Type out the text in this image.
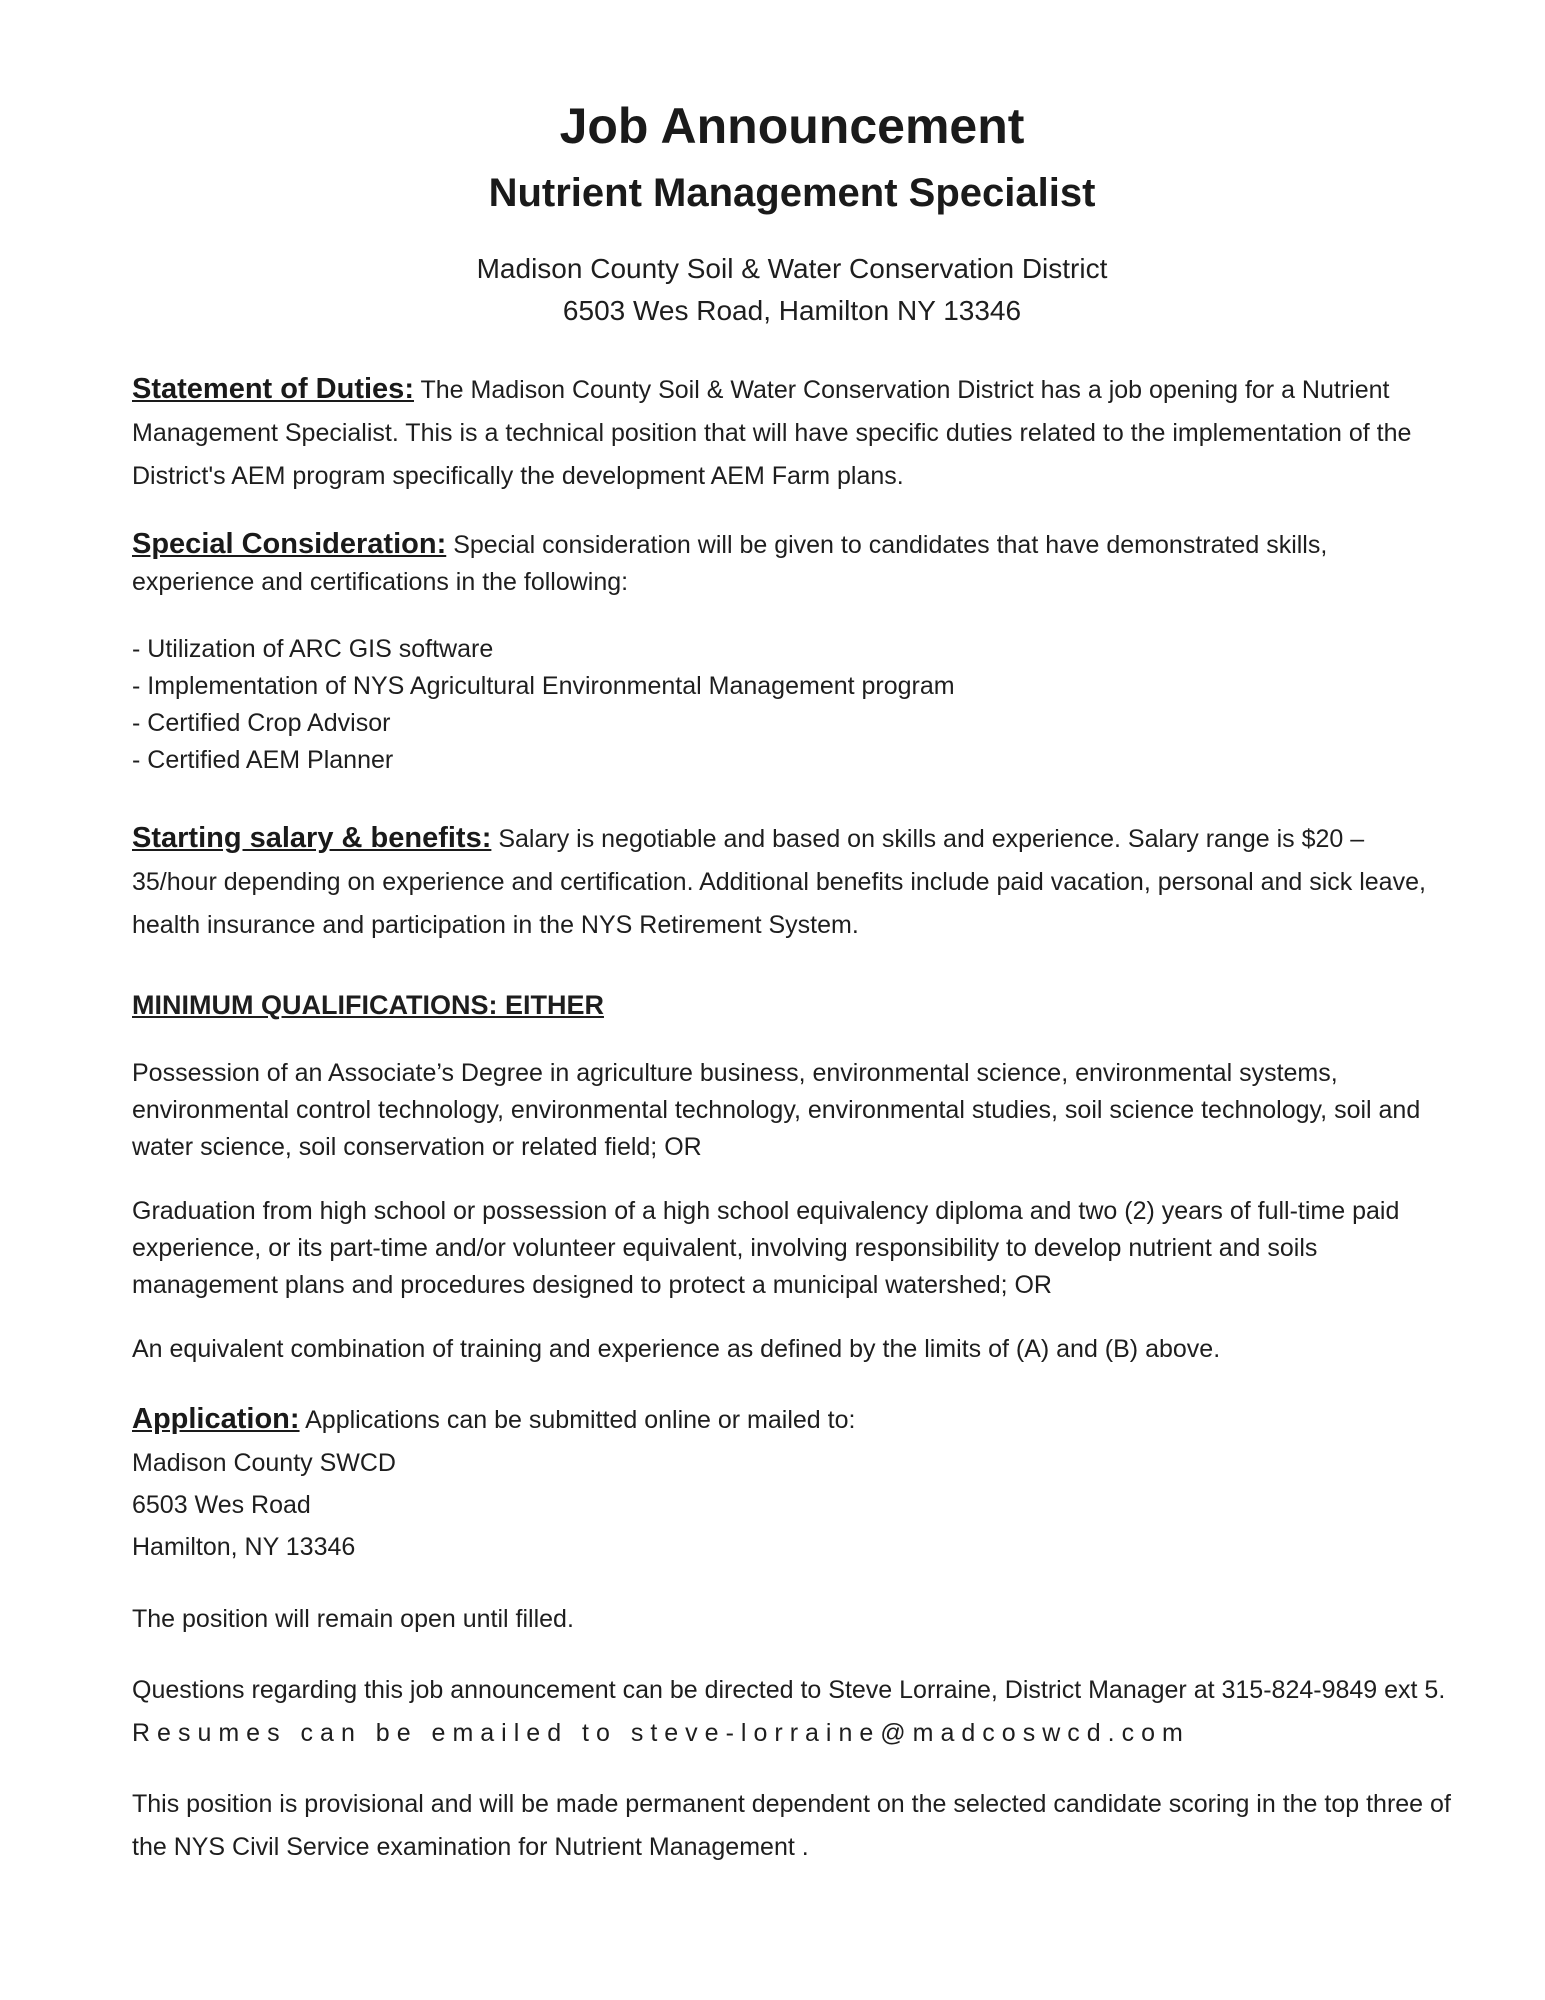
Job Announcement
Nutrient Management Specialist
Madison County Soil & Water Conservation District
6503 Wes Road, Hamilton NY 13346

Statement of Duties: The Madison County Soil & Water Conservation District has a job opening for a Nutrient Management Specialist. This is a technical position that will have specific duties related to the implementation of the District's AEM program specifically the development AEM Farm plans.

Special Consideration: Special consideration will be given to candidates that have demonstrated skills, experience and certifications in the following:

- Utilization of ARC GIS software
- Implementation of NYS Agricultural Environmental Management program
- Certified Crop Advisor
- Certified AEM Planner

Starting salary & benefits: Salary is negotiable and based on skills and experience. Salary range is $20 – 35/hour depending on experience and certification. Additional benefits include paid vacation, personal and sick leave, health insurance and participation in the NYS Retirement System.

MINIMUM QUALIFICATIONS: EITHER

Possession of an Associate’s Degree in agriculture business, environmental science, environmental systems, environmental control technology, environmental technology, environmental studies, soil science technology, soil and water science, soil conservation or related field; OR

Graduation from high school or possession of a high school equivalency diploma and two (2) years of full-time paid experience, or its part-time and/or volunteer equivalent, involving responsibility to develop nutrient and soils management plans and procedures designed to protect a municipal watershed; OR

An equivalent combination of training and experience as defined by the limits of (A) and (B) above.

Application: Applications can be submitted online or mailed to:

Madison County SWCD

6503 Wes Road

Hamilton, NY 13346

The position will remain open until filled.

Questions regarding this job announcement can be directed to Steve Lorraine, District Manager at 315-824-9849 ext 5. Resumes can be emailed to steve-lorraine@madcoswcd.com

This position is provisional and will be made permanent dependent on the selected candidate scoring in the top three of the NYS Civil Service examination for Nutrient Management .
